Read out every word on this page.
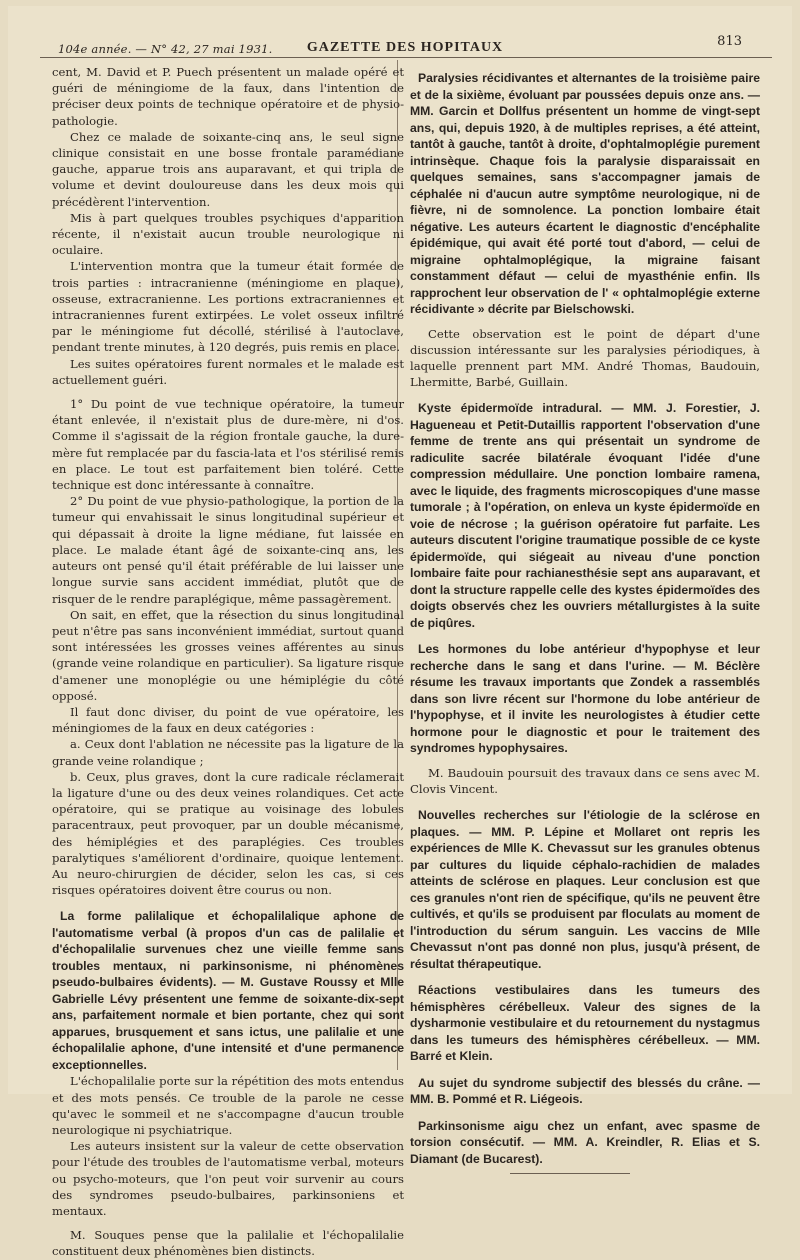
104e année. — N° 42, 27 mai 1931.	GAZETTE DES HOPITAUX	813

cent, M. David et P. Puech présentent un malade opéré et guéri de méningiome de la faux, dans l'intention de préciser deux points de technique opératoire et de physio-pathologie.

Chez ce malade de soixante-cinq ans, le seul signe clinique consistait en une bosse frontale paramédiane gauche, apparue trois ans auparavant, et qui tripla de volume et devint douloureuse dans les deux mois qui précédèrent l'intervention.

Mis à part quelques troubles psychiques d'apparition récente, il n'existait aucun trouble neurologique ni oculaire.

L'intervention montra que la tumeur était formée de trois parties : intracranienne (méningiome en plaque), osseuse, extracranienne. Les portions extracraniennes et intracraniennes furent extirpées. Le volet osseux infiltré par le méningiome fut décollé, stérilisé à l'autoclave, pendant trente minutes, à 120 degrés, puis remis en place.

Les suites opératoires furent normales et le malade est actuellement guéri.

1° Du point de vue technique opératoire, la tumeur étant enlevée, il n'existait plus de dure-mère, ni d'os. Comme il s'agissait de la région frontale gauche, la dure-mère fut remplacée par du fascia-lata et l'os stérilisé remis en place. Le tout est parfaitement bien toléré. Cette technique est donc intéressante à connaître.

2° Du point de vue physio-pathologique, la portion de la tumeur qui envahissait le sinus longitudinal supérieur et qui dépassait à droite la ligne médiane, fut laissée en place. Le malade étant âgé de soixante-cinq ans, les auteurs ont pensé qu'il était préférable de lui laisser une longue survie sans accident immédiat, plutôt que de risquer de le rendre paraplégique, même passagèrement.

On sait, en effet, que la résection du sinus longitudinal peut n'être pas sans inconvénient immédiat, surtout quand sont intéressées les grosses veines afférentes au sinus (grande veine rolandique en particulier). Sa ligature risque d'amener une monoplégie ou une hémiplégie du côté opposé.

Il faut donc diviser, du point de vue opératoire, les méningiomes de la faux en deux catégories :

a. Ceux dont l'ablation ne nécessite pas la ligature de la grande veine rolandique ;

b. Ceux, plus graves, dont la cure radicale réclamerait la ligature d'une ou des deux veines rolandiques. Cet acte opératoire, qui se pratique au voisinage des lobules paracentraux, peut provoquer, par un double mécanisme, des hémiplégies et des paraplégies. Ces troubles paralytiques s'améliorent d'ordinaire, quoique lentement. Au neuro-chirurgien de décider, selon les cas, si ces risques opératoires doivent être courus ou non.

La forme palilalique et échopalilalique aphone de l'automatisme verbal (à propos d'un cas de palilalie et d'échopalilalie survenues chez une vieille femme sans troubles mentaux, ni parkinsonisme, ni phénomènes pseudo-bulbaires évidents). — M. Gustave Roussy et Mlle Gabrielle Lévy présentent une femme de soixante-dix-sept ans, parfaitement normale et bien portante, chez qui sont apparues, brusquement et sans ictus, une palilalie et une échopalilalie aphone, d'une intensité et d'une permanence exceptionnelles.

L'échopalilalie porte sur la répétition des mots entendus et des mots pensés. Ce trouble de la parole ne cesse qu'avec le sommeil et ne s'accompagne d'aucun trouble neurologique ni psychiatrique.

Les auteurs insistent sur la valeur de cette observation pour l'étude des troubles de l'automatisme verbal, moteurs ou psycho-moteurs, que l'on peut voir survenir au cours des syndromes pseudo-bulbaires, parkinsoniens et mentaux.

M. Souques pense que la palilalie et l'échopalilalie constituent deux phénomènes bien distincts.

Paralysies récidivantes et alternantes de la troisième paire et de la sixième, évoluant par poussées depuis onze ans. — MM. Garcin et Dollfus présentent un homme de vingt-sept ans, qui, depuis 1920, à de multiples reprises, a été atteint, tantôt à gauche, tantôt à droite, d'ophtalmoplégie purement intrinsèque. Chaque fois la paralysie disparaissait en quelques semaines, sans s'accompagner jamais de céphalée ni d'aucun autre symptôme neurologique, ni de fièvre, ni de somnolence. La ponction lombaire était négative. Les auteurs écartent le diagnostic d'encéphalite épidémique, qui avait été porté tout d'abord, — celui de migraine ophtalmoplégique, la migraine faisant constamment défaut — celui de myasthénie enfin. Ils rapprochent leur observation de l' « ophtalmoplégie externe récidivante » décrite par Bielschowski.

Cette observation est le point de départ d'une discussion intéressante sur les paralysies périodiques, à laquelle prennent part MM. André Thomas, Baudouin, Lhermitte, Barbé, Guillain.

Kyste épidermoïde intradural. — MM. J. Forestier, J. Hagueneau et Petit-Dutaillis rapportent l'observation d'une femme de trente ans qui présentait un syndrome de radiculite sacrée bilatérale évoquant l'idée d'une compression médullaire. Une ponction lombaire ramena, avec le liquide, des fragments microscopiques d'une masse tumorale ; à l'opération, on enleva un kyste épidermoïde en voie de nécrose ; la guérison opératoire fut parfaite. Les auteurs discutent l'origine traumatique possible de ce kyste épidermoïde, qui siégeait au niveau d'une ponction lombaire faite pour rachianesthésie sept ans auparavant, et dont la structure rappelle celle des kystes épidermoïdes des doigts observés chez les ouvriers métallurgistes à la suite de piqûres.
Les hormones du lobe antérieur d'hypophyse et leur recherche dans le sang et dans l'urine. — M. Béclère résume les travaux importants que Zondek a rassemblés dans son livre récent sur l'hormone du lobe antérieur de l'hypophyse, et il invite les neurologistes à étudier cette hormone pour le diagnostic et pour le traitement des syndromes hypophysaires.

M. Baudouin poursuit des travaux dans ce sens avec M. Clovis Vincent.

Nouvelles recherches sur l'étiologie de la sclérose en plaques. — MM. P. Lépine et Mollaret ont repris les expériences de Mlle K. Chevassut sur les granules obtenus par cultures du liquide céphalo-rachidien de malades atteints de sclérose en plaques. Leur conclusion est que ces granules n'ont rien de spécifique, qu'ils ne peuvent être cultivés, et qu'ils se produisent par floculats au moment de l'introduction du sérum sanguin. Les vaccins de Mlle Chevassut n'ont pas donné non plus, jusqu'à présent, de résultat thérapeutique.
Réactions vestibulaires dans les tumeurs des hémisphères cérébelleux. Valeur des signes de la dysharmonie vestibulaire et du retournement du nystagmus dans les tumeurs des hémisphères cérébelleux. — MM. Barré et Klein.
Au sujet du syndrome subjectif des blessés du crâne. — MM. B. Pommé et R. Liégeois.
Parkinsonisme aigu chez un enfant, avec spasme de torsion consécutif. — MM. A. Kreindler, R. Elias et S. Diamant (de Bucarest).
